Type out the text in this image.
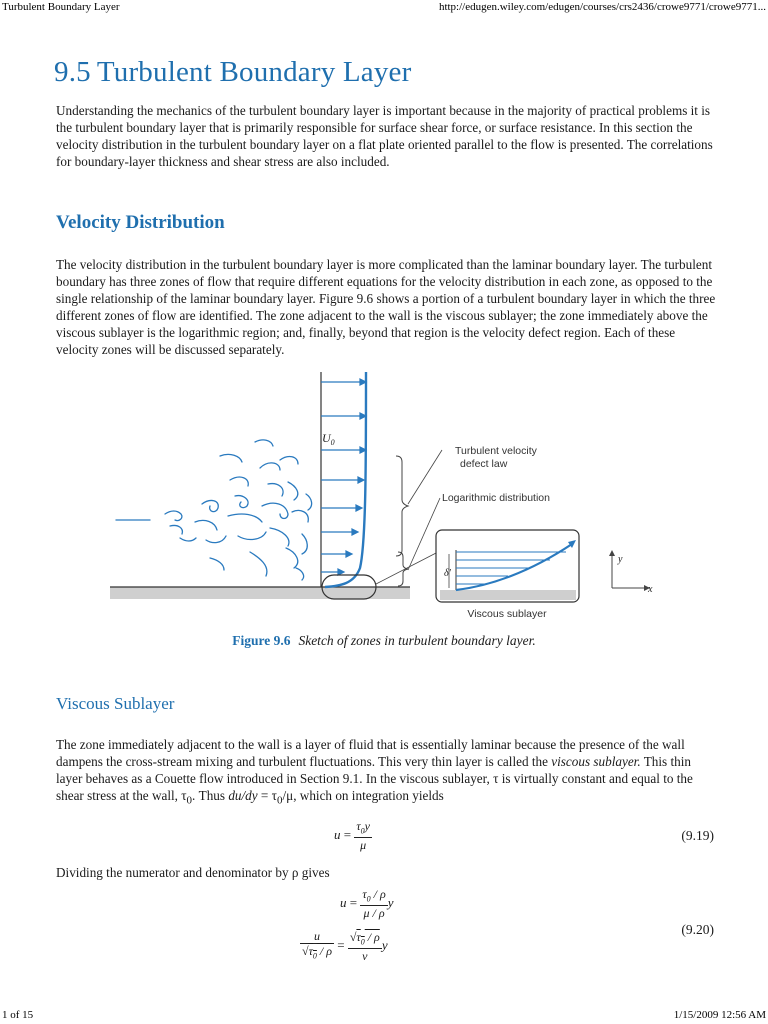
Turbulent Boundary Layer	http://edugen.wiley.com/edugen/courses/crs2436/crowe9771/crowe9771...
9.5 Turbulent Boundary Layer

Understanding the mechanics of the turbulent boundary layer is important because in the majority of practical problems it is the turbulent boundary layer that is primarily responsible for surface shear force, or surface resistance. In this section the velocity distribution in the turbulent boundary layer on a flat plate oriented parallel to the flow is presented. The correlations for boundary-layer thickness and shear stress are also included.

Velocity Distribution

The velocity distribution in the turbulent boundary layer is more complicated than the laminar boundary layer. The turbulent boundary has three zones of flow that require different equations for the velocity distribution in each zone, as opposed to the single relationship of the laminar boundary layer. Figure 9.6 shows a portion of a turbulent boundary layer in which the three different zones of flow are identified. The zone adjacent to the wall is the viscous sublayer; the zone immediately above the viscous sublayer is the logarithmic region; and, finally, beyond that region is the velocity defect region. Each of these velocity zones will be discussed separately.

$U_0$
Turbulent velocity
defect law
Logarithmic distribution
δ'
Viscous sublayer
y
x
Figure 9.6 Sketch of zones in turbulent boundary layer.
Viscous Sublayer

The zone immediately adjacent to the wall is a layer of fluid that is essentially laminar because the presence of the wall dampens the cross-stream mixing and turbulent fluctuations. This very thin layer is called the viscous sublayer. This thin layer behaves as a Couette flow introduced in Section 9.1. In the viscous sublayer, τ is virtually constant and equal to the shear stress at the wall, $\tau_0$. Thus $du/dy = \tau_0/\mu$, which on integration yields

$u = \frac{\tau_0y}{\mu}$	(9.19)

Dividing the numerator and denominator by ρ gives

$u = \frac{\tau_0 / \rho}{\mu / \rho}$ y
$\frac{u}{√\tau_0 / \rho} = \frac{√\tau_0 / \rho}{\nu}$ y
(9.20)
1 of 15	1/15/2009 12:56 AM
